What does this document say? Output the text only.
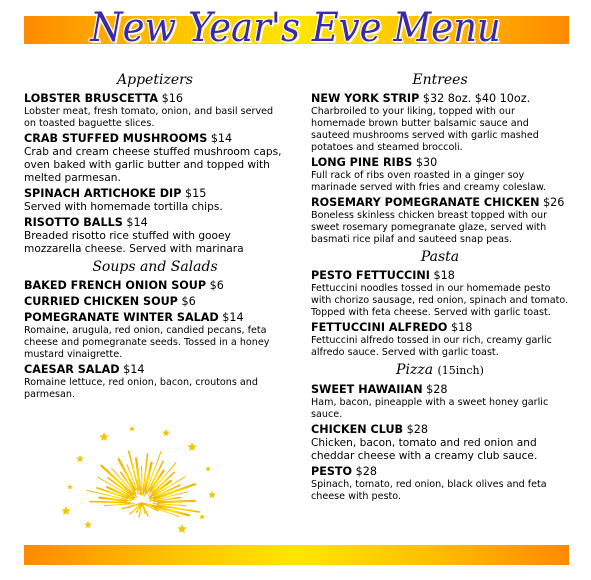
New Year's Eve Menu
Appetizers
LOBSTER BRUSCETTA $16
Lobster meat, fresh tomato, onion, and basil served on toasted baguette slices.
CRAB STUFFED MUSHROOMS $14
Crab and cream cheese stuffed mushroom caps, oven baked with garlic butter and topped with melted parmesan.
SPINACH ARTICHOKE DIP $15
Served with homemade tortilla chips.
RISOTTO BALLS $14
Breaded risotto rice stuffed with gooey mozzarella cheese. Served with marinara
Soups and Salads
BAKED FRENCH ONION SOUP $6
CURRIED CHICKEN SOUP $6
POMEGRANATE WINTER SALAD $14
Romaine, arugula, red onion, candied pecans, feta cheese and pomegranate seeds. Tossed in a honey mustard vinaigrette.
CAESAR SALAD $14
Romaine lettuce, red onion, bacon, croutons and parmesan.
Entrees
NEW YORK STRIP $32 8oz. $40 10oz.
Charbroiled to your liking, topped with our homemade brown butter balsamic sauce and sauteed mushrooms served with garlic mashed potatoes and steamed broccoli.
LONG PINE RIBS $30
Full rack of ribs oven roasted in a ginger soy marinade served with fries and creamy coleslaw.
ROSEMARY POMEGRANATE CHICKEN $26
Boneless skinless chicken breast topped with our sweet rosemary pomegranate glaze, served with basmati rice pilaf and sauteed snap peas.
Pasta
PESTO FETTUCCINI $18
Fettuccini noodles tossed in our homemade pesto with chorizo sausage, red onion, spinach and tomato. Topped with feta cheese. Served with garlic toast.
FETTUCCINI ALFREDO $18
Fettuccini alfredo tossed in our rich, creamy garlic alfredo sauce. Served with garlic toast.
Pizza (15inch)
SWEET HAWAIIAN $28
Ham, bacon, pineapple with a sweet honey garlic sauce.
CHICKEN CLUB $28
Chicken, bacon, tomato and red onion and cheddar cheese with a creamy club sauce.
PESTO $28
Spinach, tomato, red onion, black olives and feta cheese with pesto.
